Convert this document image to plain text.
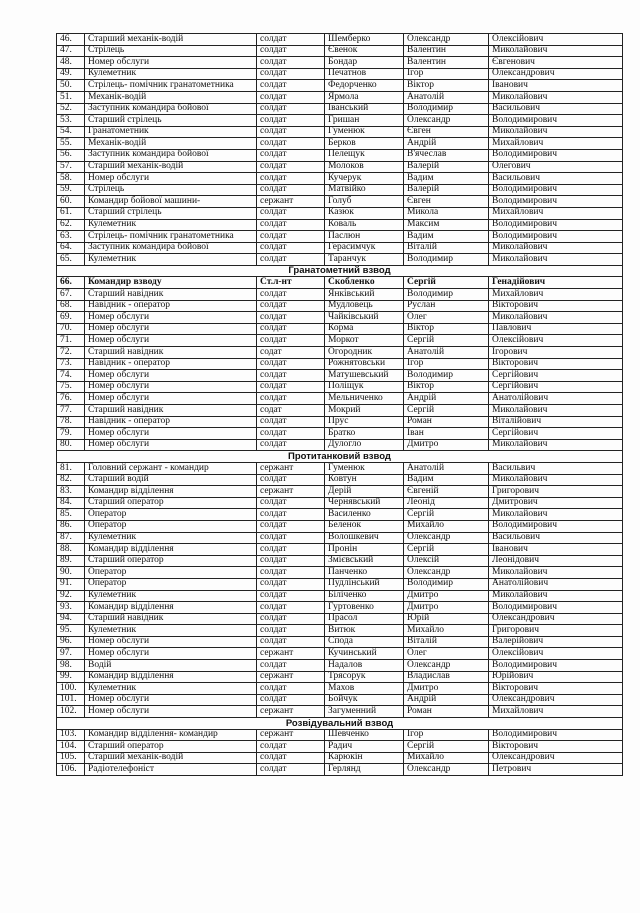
46.	Старший механік-водій	солдат	Шемберко	Олександр	Олексійович
47.	Стрілець	солдат	Євенок	Валентин	Миколайович
48.	Номер обслуги	солдат	Бондар	Валентин	Євгенович
49.	Кулеметник	солдат	Печатнов	Ігор	Олександрович
50.	Стрілець- помічник гранатометника	солдат	Федорченко	Віктор	Іванович
51.	Механік-водій	солдат	Ярмола	Анатолій	Миколайович
52.	Заступник командира бойової	солдат	Іванський	Володимир	Васильович
53.	Старший стрілець	солдат	Гришан	Олександр	Володимирович
54.	Гранатометник	солдат	Гуменюк	Євген	Миколайович
55.	Механік-водій	солдат	Берков	Андрій	Михайлович
56.	Заступник командира бойової	солдат	Пелещук	В'ячеслав	Володимирович
57.	Старший механік-водій	солдат	Молоков	Валерій	Олегович
58.	Номер обслуги	солдат	Кучерук	Вадим	Васильович
59.	Стрілець	солдат	Матвійко	Валерій	Володимирович
60.	Командир бойової машини-	сержант	Голуб	Євген	Володимирович
61.	Старший стрілець	солдат	Казюк	Микола	Михайлович
62.	Кулеметник	солдат	Коваль	Максим	Володимирович
63.	Стрілець- помічник гранатометника	солдат	Паслюн	Вадим	Володимирович
64.	Заступник командира бойової	солдат	Герасимчук	Віталій	Миколайович
65.	Кулеметник	солдат	Таранчук	Володимир	Миколайович
Гранатометний взвод					
66.	Командир взводу	Ст.л-нт	Скобленко	Сергій	Генадійович
67.	Старший навідник	солдат	Янківський	Володимир	Михайлович
68.	Навідник - оператор	солдат	Мудловець	Руслан	Вікторович
69.	Номер обслуги	солдат	Чайківський	Олег	Миколайович
70.	Номер обслуги	солдат	Корма	Віктор	Павлович
71.	Номер обслуги	солдат	Моркот	Сергій	Олексійович
72.	Старший навідник	содат	Огородник	Анатолій	Ігорович
73.	Навідник - оператор	солдат	Рожнятовськи	Ігор	Вікторович
74.	Номер обслуги	солдат	Матушевський	Володимир	Сергійович
75.	Номер обслуги	солдат	Поліщук	Віктор	Сергійович
76.	Номер обслуги	солдат	Мельниченко	Андрій	Анатолійович
77.	Старший навідник	содат	Мокрий	Сергій	Миколайович
78.	Навідник - оператор	солдат	Прус	Роман	Віталійович
79.	Номер обслуги	солдат	Братко	Іван	Сергійович
80.	Номер обслуги	солдат	Дулогло	Дмитро	Миколайович
Протитанковий взвод					
81.	Головний сержант - командир	сержант	Гуменюк	Анатолій	Васильвич
82.	Старший водій	солдат	Ковтун	Вадим	Миколайович
83.	Командир відділення	сержант	Дерій	Євгеній	Григорович
84.	Старший оператор	солдат	Чернявський	Леонід	Дмитрович
85.	Оператор	солдат	Василенко	Сергій	Миколайович
86.	Оператор	солдат	Беленок	Михайло	Володимирович
87.	Кулеметник	солдат	Волошкевич	Олександр	Васильович
88.	Командир відділення	солдат	Пронін	Сергій	Іванович
89.	Старший оператор	солдат	Змієвський	Олексій	Леонідович
90.	Оператор	солдат	Панченко	Олександр	Миколайович
91.	Оператор	солдат	Пудлінський	Володимир	Анатолійович
92.	Кулеметник	солдат	Біліченко	Дмитро	Миколайович
93.	Командир відділення	солдат	Гуртовенко	Дмитро	Володимирович
94.	Старший навідник	солдат	Прасол	Юрій	Олександрович
95.	Кулеметник	солдат	Витюк	Михайло	Григорович
96.	Номер обслуги	солдат	Спода	Віталій	Валерійович
97.	Номер обслуги	сержант	Кучинський	Олег	Олексійович
98.	Водій	солдат	Надалов	Олександр	Володимирович
99.	Командир відділення	сержант	Трясорук	Владислав	Юрійович
100.	Кулеметник	солдат	Махов	Дмитро	Вікторович
101.	Номер обслуги	солдат	Бойчук	Андрій	Олександрович
102.	Номер обслуги	сержант	Загуменний	Роман	Михайлович
Розвідувальний взвод					
103.	Командир відділення- командир	сержант	Шевченко	Ігор	Володимирович
104.	Старший оператор	солдат	Радич	Сергій	Вікторович
105.	Старший механік-водій	солдат	Карюкін	Михайло	Олександрович
106.	Радіотелефоніст	солдат	Герлянд	Олександр	Петрович
